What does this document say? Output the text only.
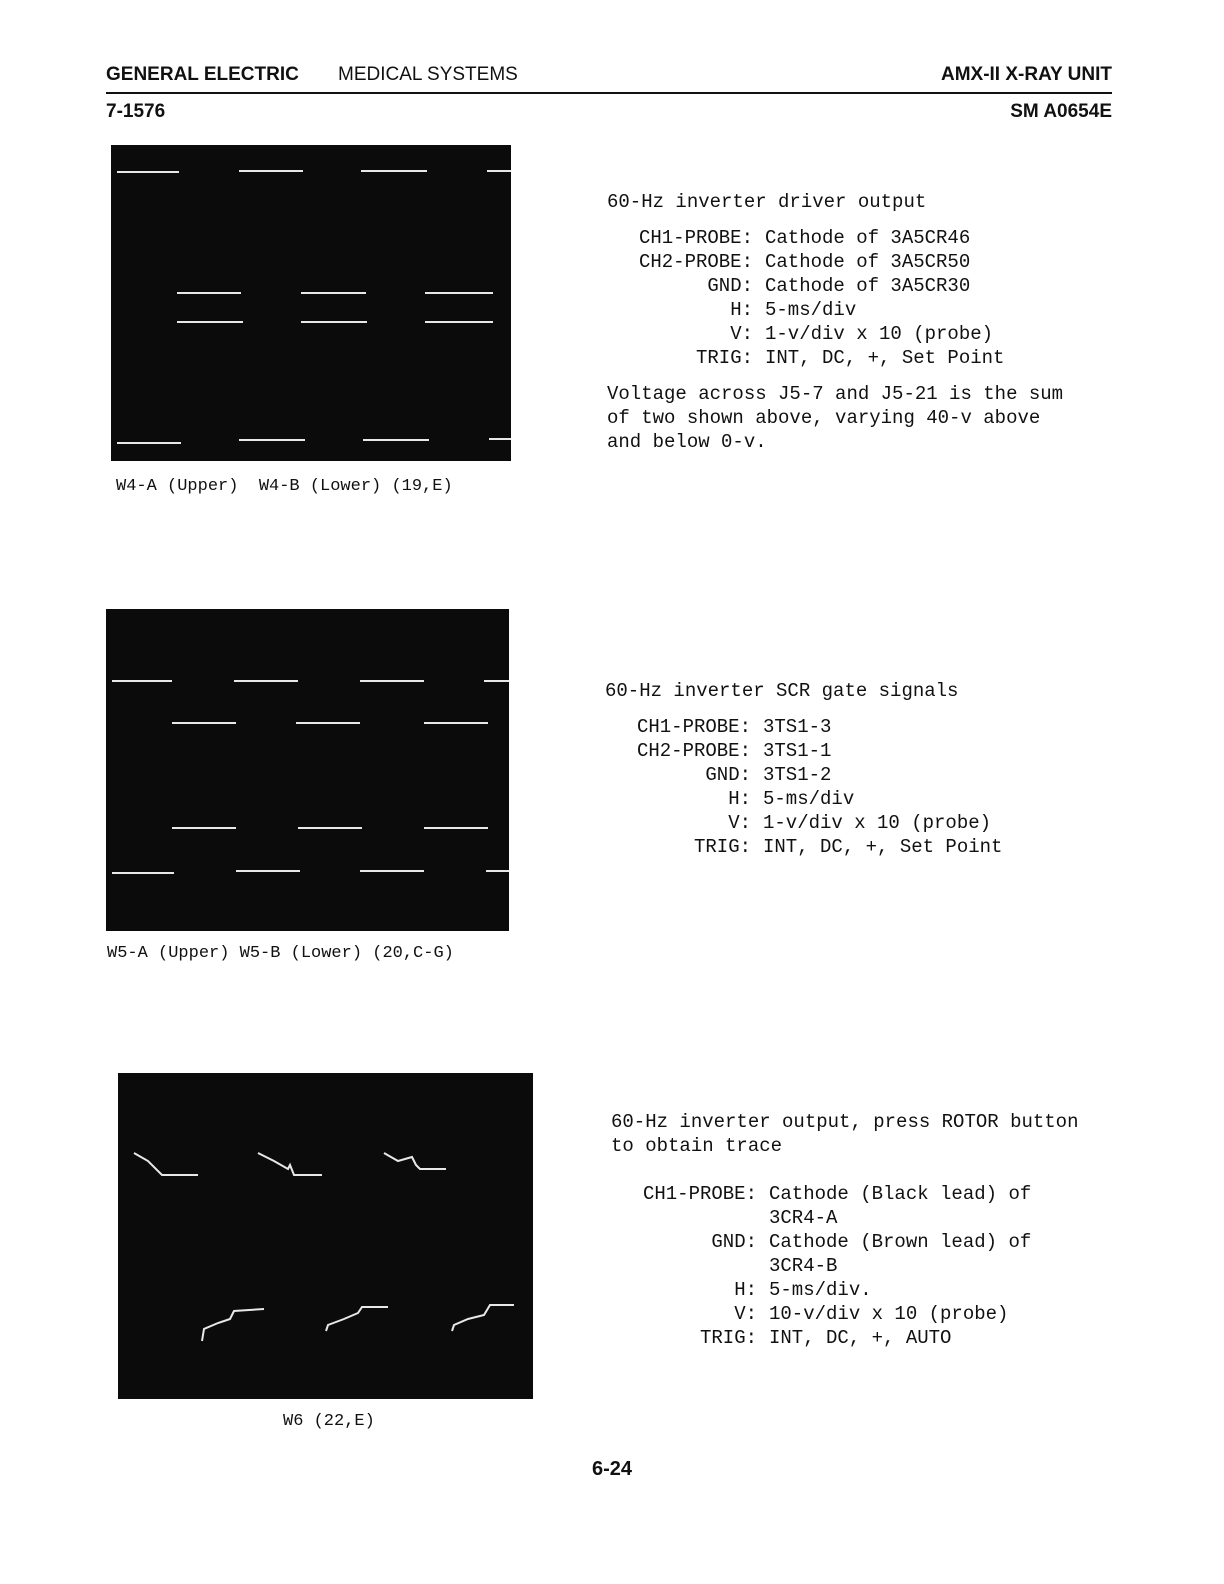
GENERAL ELECTRIC MEDICAL SYSTEMS	AMX-II X-RAY UNIT
7-1576	SM A0654E
W4-A (Upper)  W4-B (Lower) (19,E)
60-Hz inverter driver output
CH1-PROBE: Cathode of 3A5CR46
CH2-PROBE: Cathode of 3A5CR50
GND: Cathode of 3A5CR30
H: 5-ms/div
V: 1-v/div x 10 (probe)
TRIG: INT, DC, +, Set Point
Voltage across J5-7 and J5-21 is the sum
of two shown above, varying 40-v above
and below 0-v.
W5-A (Upper) W5-B (Lower) (20,C-G)
60-Hz inverter SCR gate signals
CH1-PROBE: 3TS1-3
CH2-PROBE: 3TS1-1
GND: 3TS1-2
H: 5-ms/div
V: 1-v/div x 10 (probe)
TRIG: INT, DC, +, Set Point
W6 (22,E)
60-Hz inverter output, press ROTOR button
to obtain trace
CH1-PROBE: Cathode (Black lead) of
3CR4-A
GND: Cathode (Brown lead) of
3CR4-B
H: 5-ms/div.
V: 10-v/div x 10 (probe)
TRIG: INT, DC, +, AUTO
6-24
